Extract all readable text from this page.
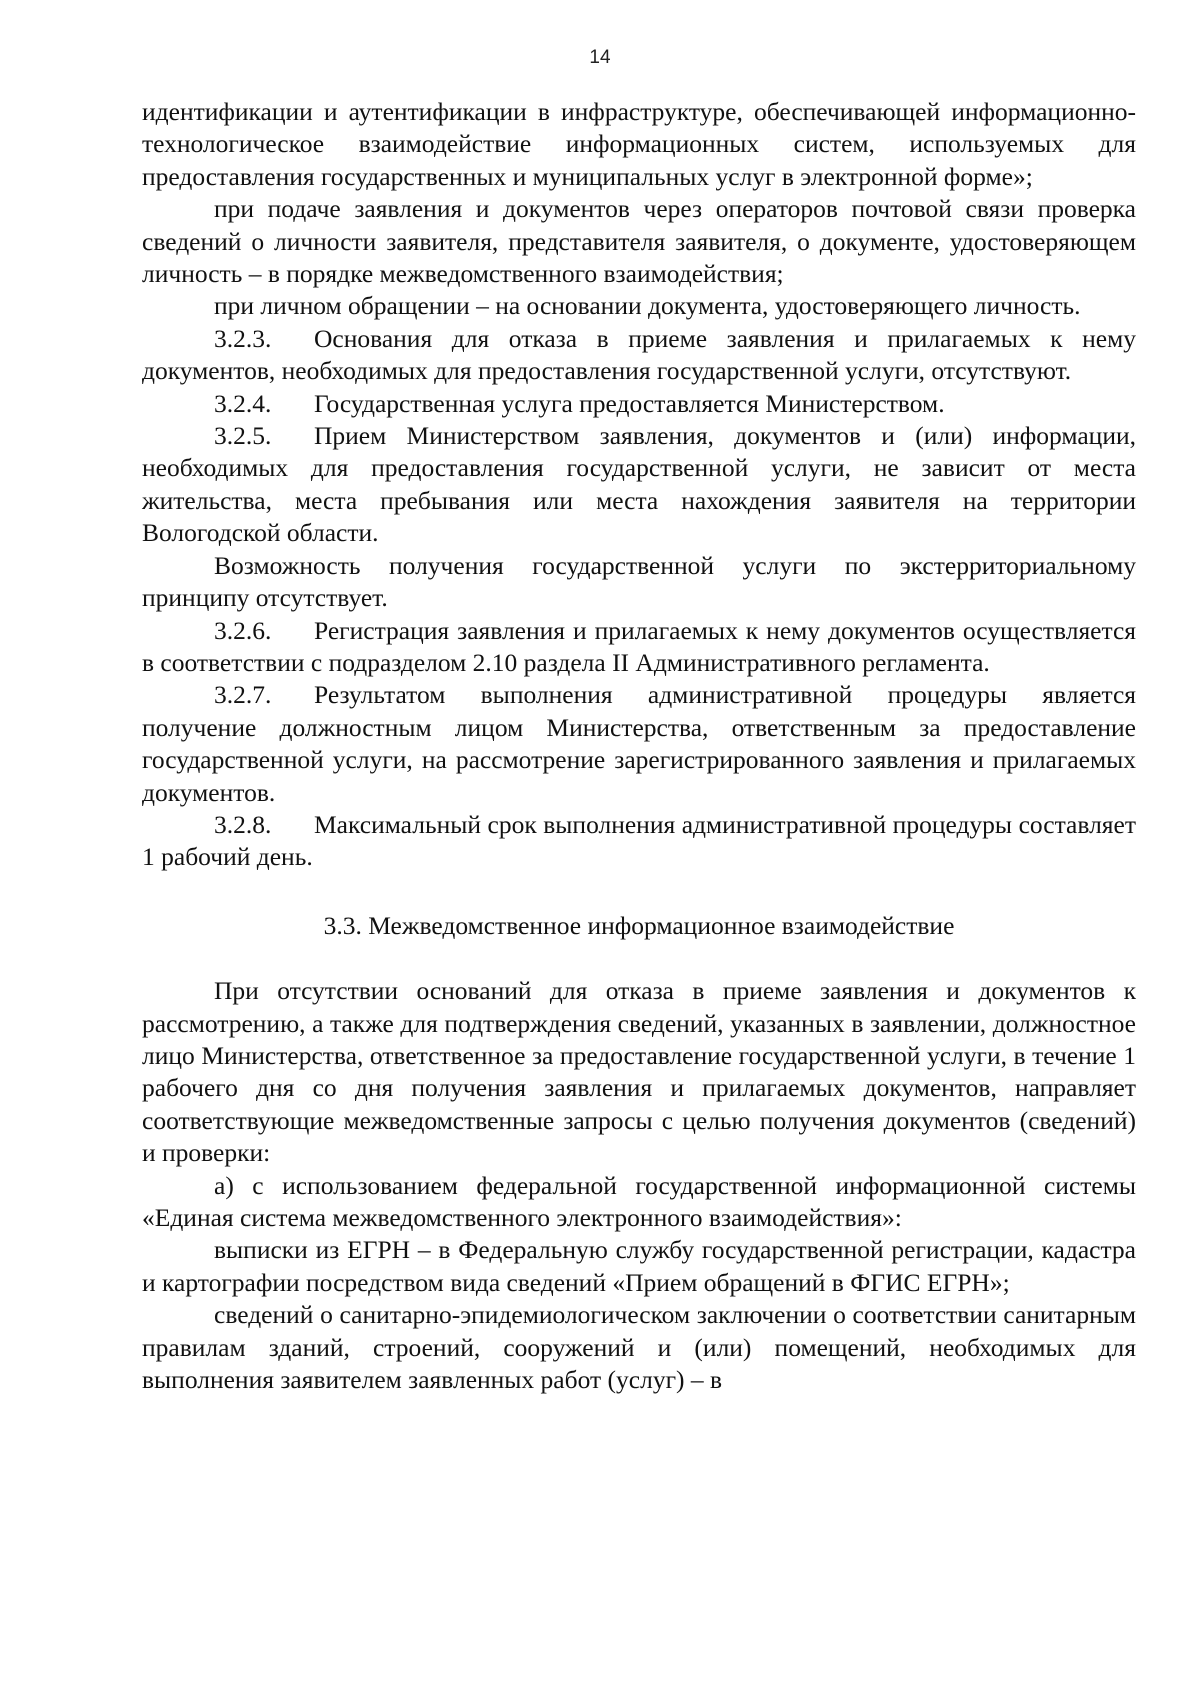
14

идентификации и аутентификации в инфраструктуре, обеспечивающей информационно-технологическое взаимодействие информационных систем, используемых для предоставления государственных и муниципальных услуг в электронной форме»;

при подаче заявления и документов через операторов почтовой связи проверка сведений о личности заявителя, представителя заявителя, о документе, удостоверяющем личность – в порядке межведомственного взаимодействия;

при личном обращении – на основании документа, удостоверяющего личность.

3.2.3. Основания для отказа в приеме заявления и прилагаемых к нему документов, необходимых для предоставления государственной услуги, отсутствуют.

3.2.4. Государственная услуга предоставляется Министерством.

3.2.5. Прием Министерством заявления, документов и (или) информации, необходимых для предоставления государственной услуги, не зависит от места жительства, места пребывания или места нахождения заявителя на территории Вологодской области.

Возможность получения государственной услуги по экстерриториальному принципу отсутствует.

3.2.6. Регистрация заявления и прилагаемых к нему документов осуществляется в соответствии с подразделом 2.10 раздела II Административного регламента.

3.2.7. Результатом выполнения административной процедуры является получение должностным лицом Министерства, ответственным за предоставление государственной услуги, на рассмотрение зарегистрированного заявления и прилагаемых документов.

3.2.8. Максимальный срок выполнения административной процедуры составляет 1 рабочий день.

3.3. Межведомственное информационное взаимодействие

При отсутствии оснований для отказа в приеме заявления и документов к рассмотрению, а также для подтверждения сведений, указанных в заявлении, должностное лицо Министерства, ответственное за предоставление государственной услуги, в течение 1 рабочего дня со дня получения заявления и прилагаемых документов, направляет соответствующие межведомственные запросы с целью получения документов (сведений) и проверки:

а) с использованием федеральной государственной информационной системы «Единая система межведомственного электронного взаимодействия»:

выписки из ЕГРН – в Федеральную службу государственной регистрации, кадастра и картографии посредством вида сведений «Прием обращений в ФГИС ЕГРН»;

сведений о санитарно-эпидемиологическом заключении о соответствии санитарным правилам зданий, строений, сооружений и (или) помещений, необходимых для выполнения заявителем заявленных работ (услуг) – в
